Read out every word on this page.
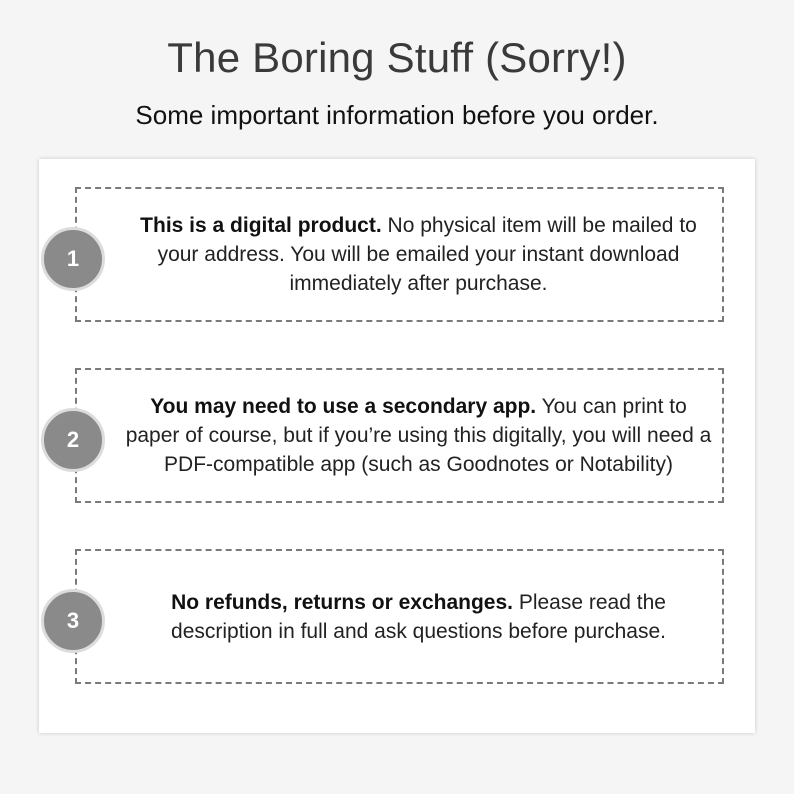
The Boring Stuff (Sorry!)
Some important information before you order.

This is a digital product. No physical item will be mailed to your address. You will be emailed your instant download immediately after purchase.

You may need to use a secondary app. You can print to paper of course, but if you’re using this digitally, you will need a PDF-compatible app (such as Goodnotes or Notability)

No refunds, returns or exchanges. Please read the description in full and ask questions before purchase.

1
2
3
